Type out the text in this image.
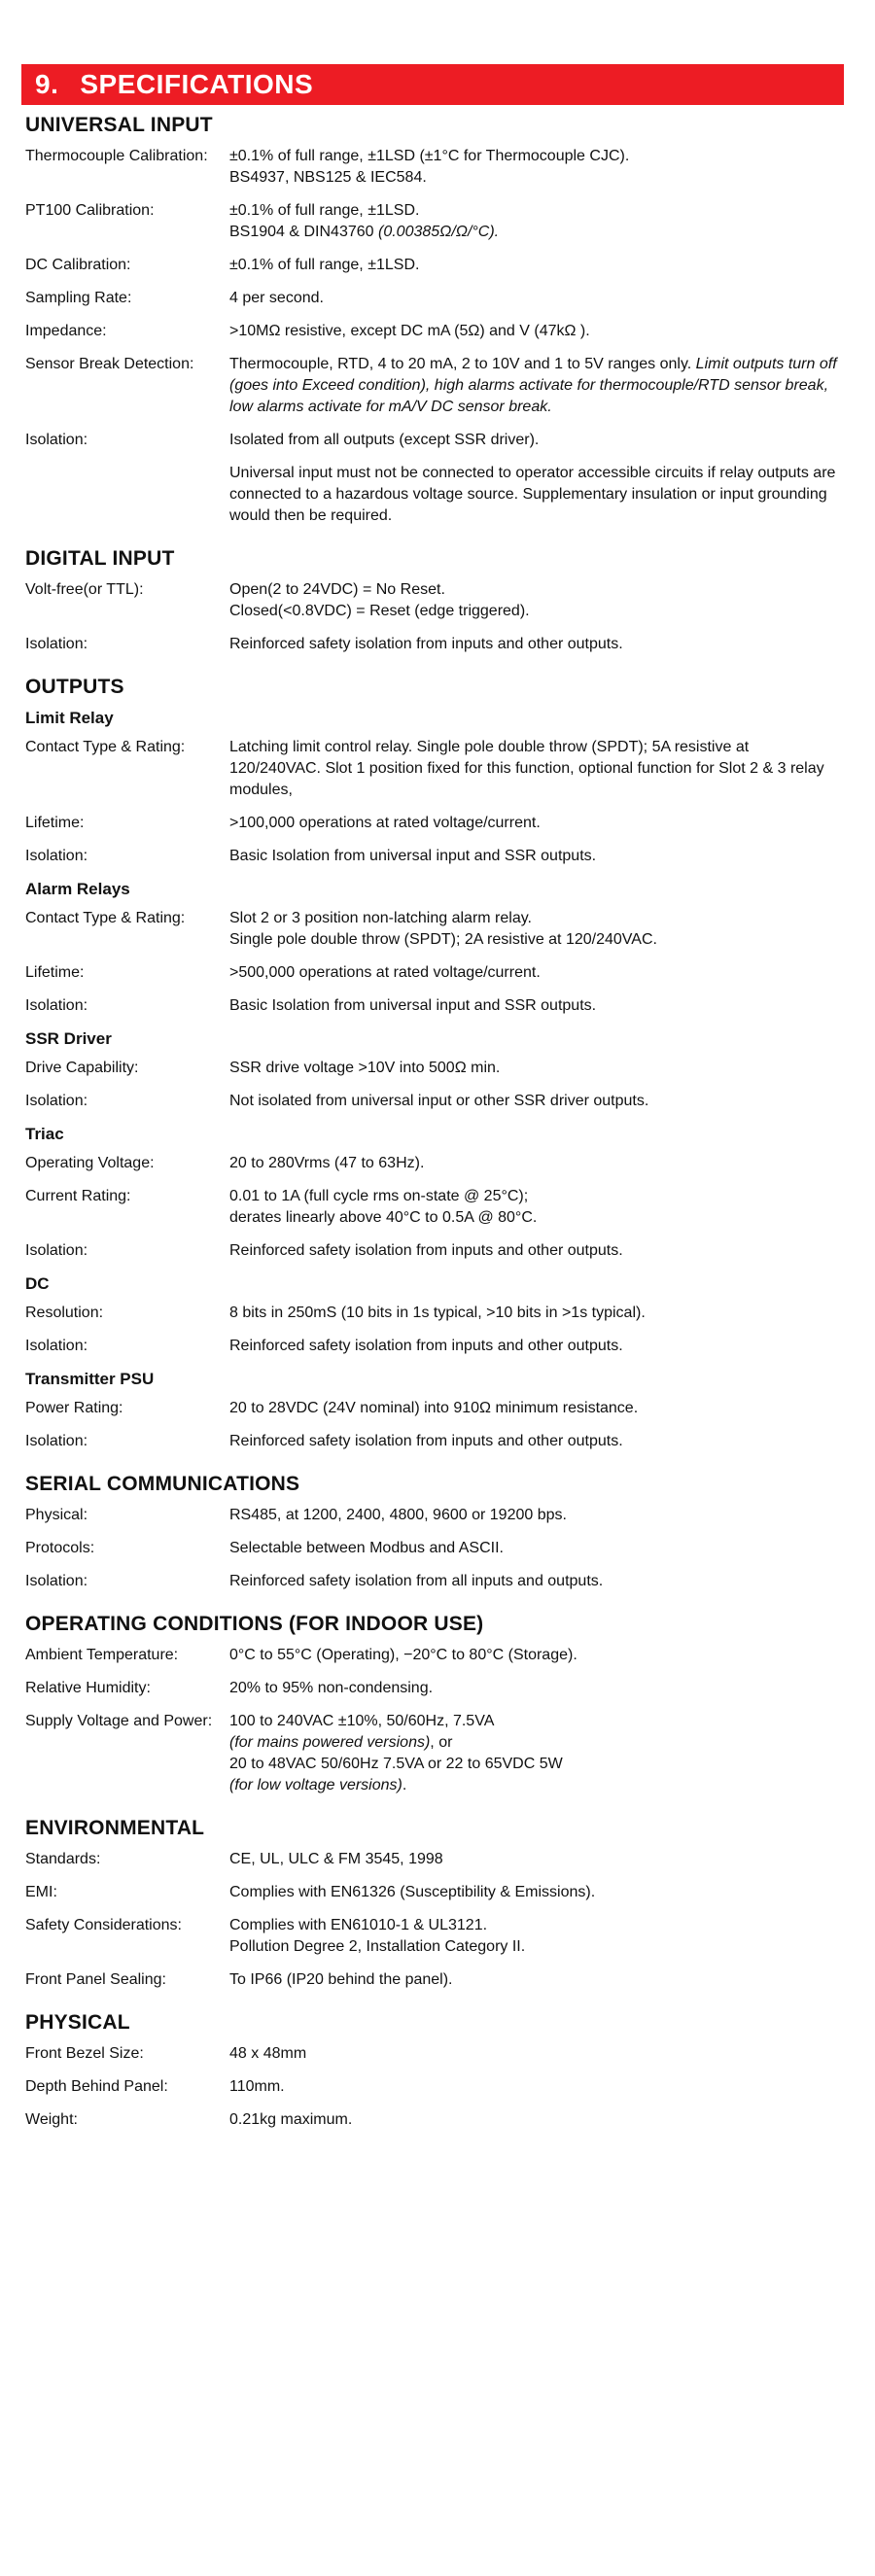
9. SPECIFICATIONS
UNIVERSAL INPUT
Thermocouple Calibration:	±0.1% of full range, ±1LSD (±1°C for Thermocouple CJC).
BS4937, NBS125 & IEC584.
PT100 Calibration:	±0.1% of full range, ±1LSD.
BS1904 & DIN43760 (0.00385Ω/Ω/°C).
DC Calibration:	±0.1% of full range, ±1LSD.
Sampling Rate:	4 per second.
Impedance:	>10MΩ resistive, except DC mA (5Ω) and V (47kΩ ).
Sensor Break Detection:	Thermocouple, RTD, 4 to 20 mA, 2 to 10V and 1 to 5V ranges only. Limit outputs turn off (goes into Exceed condition), high alarms activate for thermocouple/RTD sensor break, low alarms activate for mA/V DC sensor break.
Isolation:	Isolated from all outputs (except SSR driver).
Universal input must not be connected to operator accessible circuits if relay outputs are connected to a hazardous voltage source. Supplementary insulation or input grounding would then be required.
DIGITAL INPUT
Volt-free(or TTL):	Open(2 to 24VDC) = No Reset.
Closed(<0.8VDC) = Reset (edge triggered).
Isolation:	Reinforced safety isolation from inputs and other outputs.
OUTPUTS
Limit Relay
Contact Type & Rating:	Latching limit control relay. Single pole double throw (SPDT); 5A resistive at 120/240VAC. Slot 1 position fixed for this function, optional function for Slot 2 & 3 relay modules,
Lifetime:	>100,000 operations at rated voltage/current.
Isolation:	Basic Isolation from universal input and SSR outputs.
Alarm Relays
Contact Type & Rating:	Slot 2 or 3 position non-latching alarm relay.
Single pole double throw (SPDT); 2A resistive at 120/240VAC.
Lifetime:	>500,000 operations at rated voltage/current.
Isolation:	Basic Isolation from universal input and SSR outputs.
SSR Driver
Drive Capability:	SSR drive voltage >10V into 500Ω min.
Isolation:	Not isolated from universal input or other SSR driver outputs.
Triac
Operating Voltage:	20 to 280Vrms (47 to 63Hz).
Current Rating:	0.01 to 1A (full cycle rms on-state @ 25°C);
derates linearly above 40°C to 0.5A @ 80°C.
Isolation:	Reinforced safety isolation from inputs and other outputs.
DC
Resolution:	8 bits in 250mS (10 bits in 1s typical, >10 bits in >1s typical).
Isolation:	Reinforced safety isolation from inputs and other outputs.
Transmitter PSU
Power Rating:	20 to 28VDC (24V nominal) into 910Ω minimum resistance.
Isolation:	Reinforced safety isolation from inputs and other outputs.
SERIAL COMMUNICATIONS
Physical:	RS485, at 1200, 2400, 4800, 9600 or 19200 bps.
Protocols:	Selectable between Modbus and ASCII.
Isolation:	Reinforced safety isolation from all inputs and outputs.
OPERATING CONDITIONS (FOR INDOOR USE)
Ambient Temperature:	0°C to 55°C (Operating), −20°C to 80°C (Storage).
Relative Humidity:	20% to 95% non-condensing.
Supply Voltage and Power:	100 to 240VAC ±10%, 50/60Hz, 7.5VA
(for mains powered versions), or
20 to 48VAC 50/60Hz 7.5VA or 22 to 65VDC 5W
(for low voltage versions).
ENVIRONMENTAL
Standards:	CE, UL, ULC & FM 3545, 1998
EMI:	Complies with EN61326 (Susceptibility & Emissions).
Safety Considerations:	Complies with EN61010-1 & UL3121.
Pollution Degree 2, Installation Category II.
Front Panel Sealing:	To IP66 (IP20 behind the panel).
PHYSICAL
Front Bezel Size:	48 x 48mm
Depth Behind Panel:	110mm.
Weight:	0.21kg maximum.
